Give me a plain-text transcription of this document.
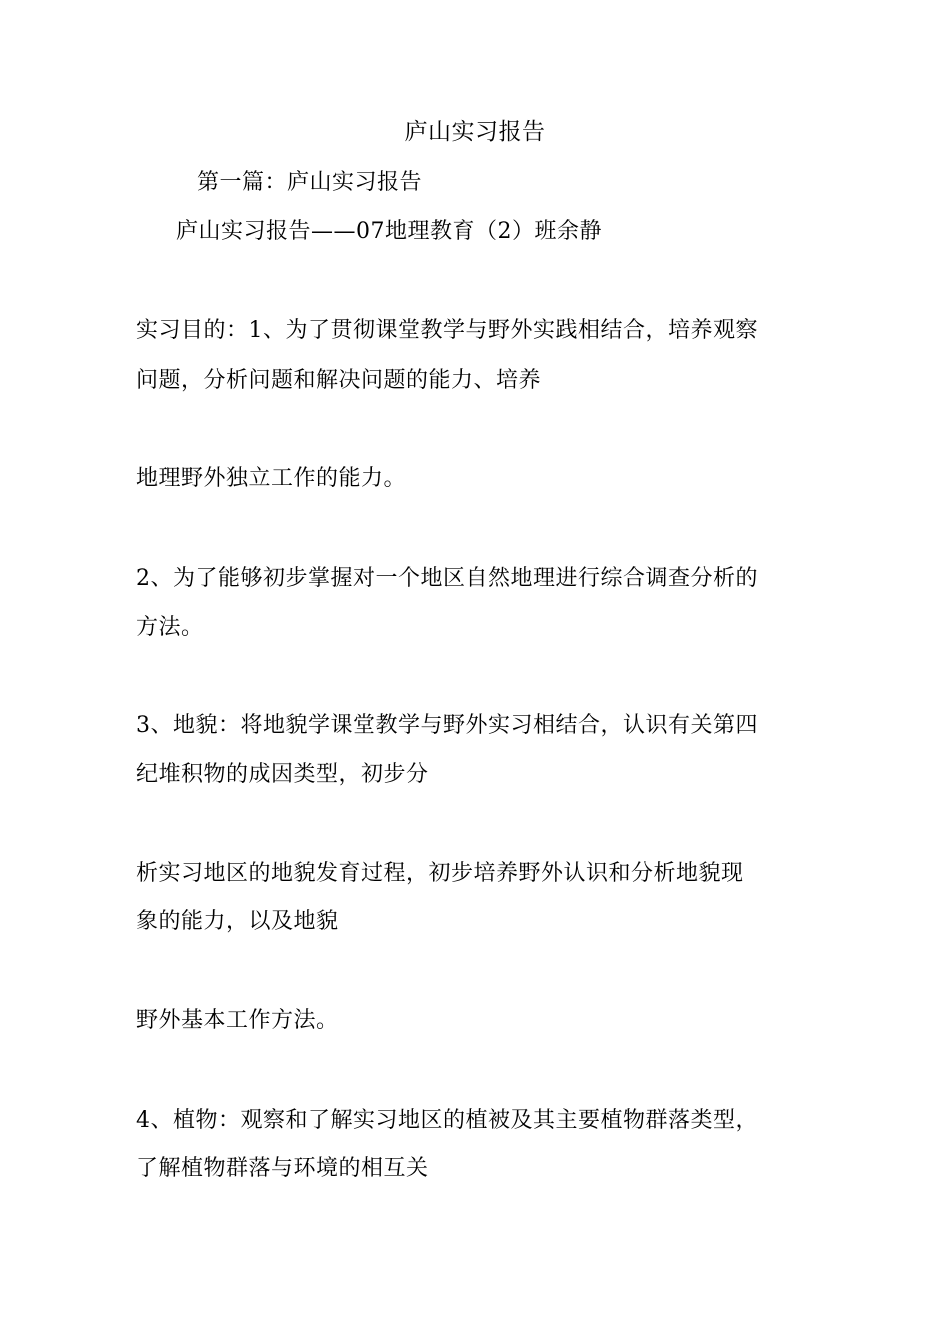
庐山实习报告
第一篇：庐山实习报告
庐山实习报告——07地理教育（2）班余静
实习目的：1、为了贯彻课堂教学与野外实践相结合，培养观察
问题，分析问题和解决问题的能力、培养
地理野外独立工作的能力。
2、为了能够初步掌握对一个地区自然地理进行综合调查分析的
方法。
3、地貌：将地貌学课堂教学与野外实习相结合，认识有关第四
纪堆积物的成因类型，初步分
析实习地区的地貌发育过程，初步培养野外认识和分析地貌现
象的能力，以及地貌
野外基本工作方法。
4、植物：观察和了解实习地区的植被及其主要植物群落类型，
了解植物群落与环境的相互关
